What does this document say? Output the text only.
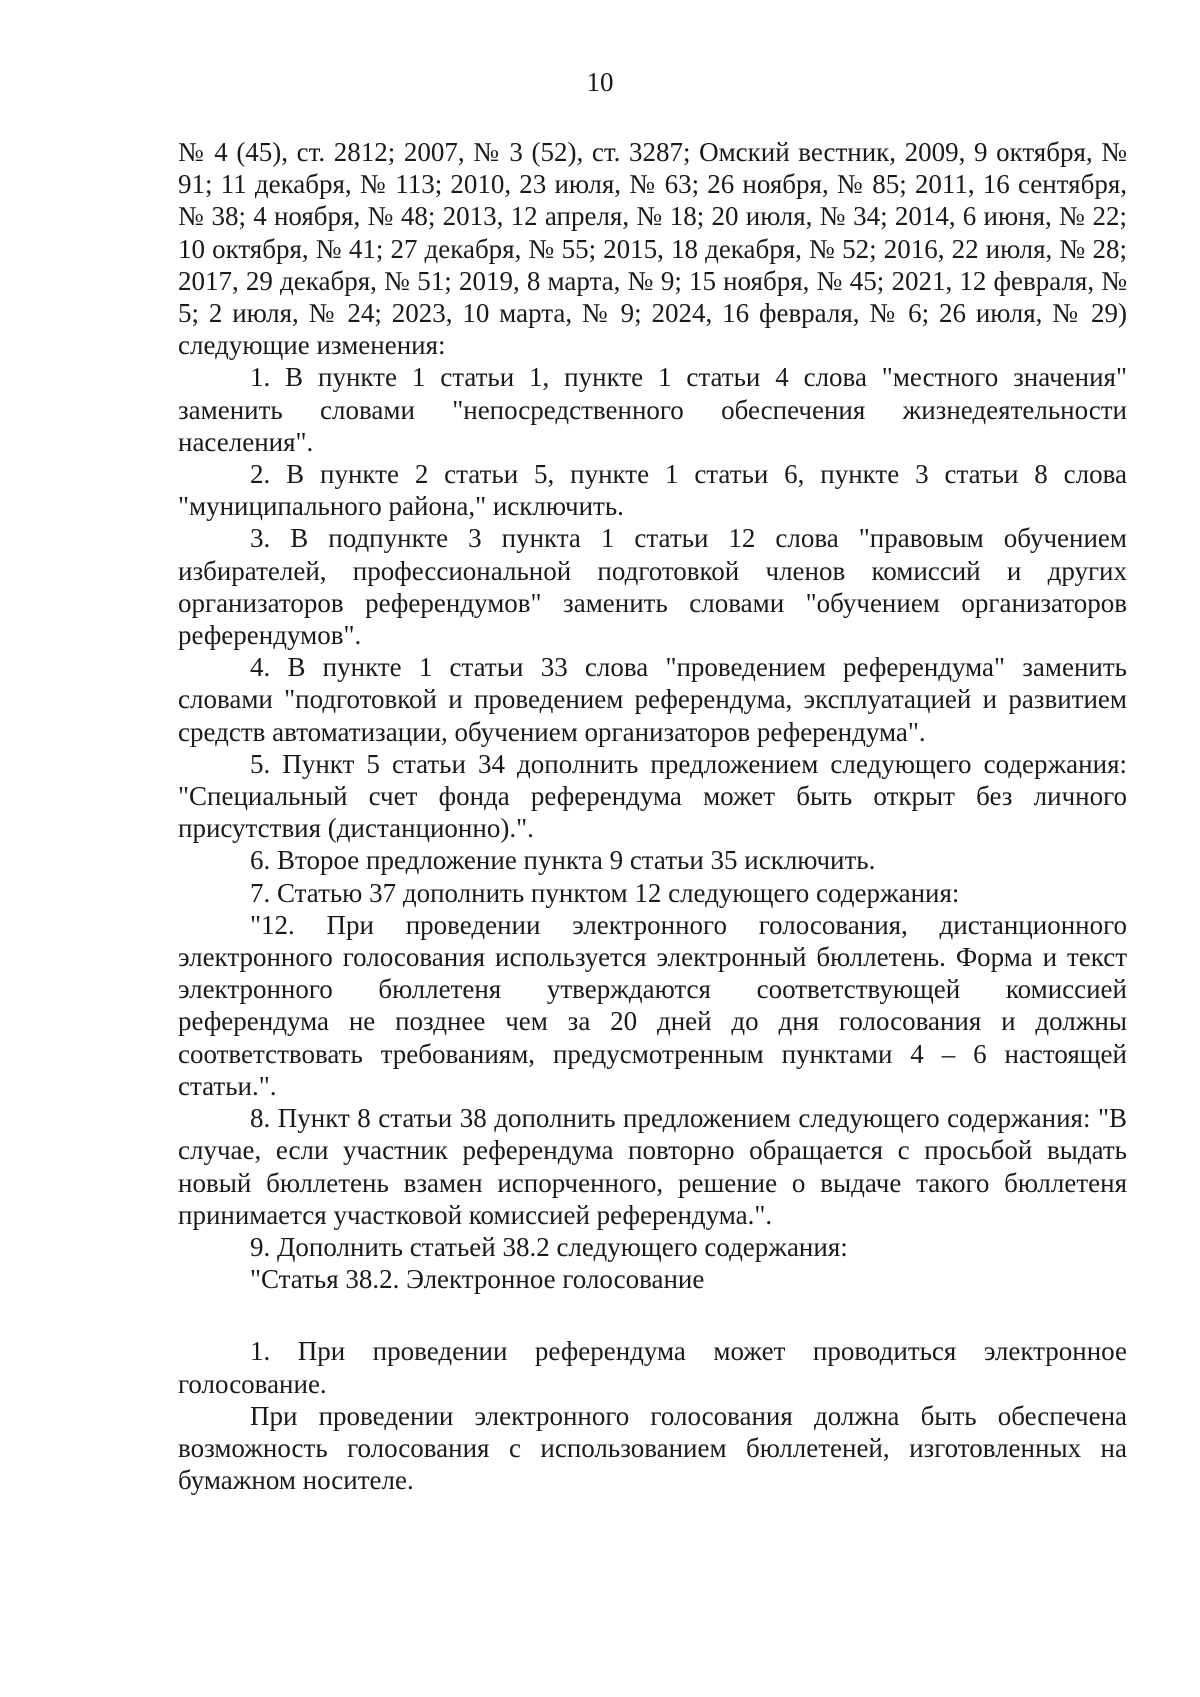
10

№ 4 (45), ст. 2812; 2007, № 3 (52), ст. 3287; Омский вестник, 2009, 9 октября, № 91; 11 декабря, № 113; 2010, 23 июля, № 63; 26 ноября, № 85; 2011, 16 сентября, № 38; 4 ноября, № 48; 2013, 12 апреля, № 18; 20 июля, № 34; 2014, 6 июня, № 22; 10 октября, № 41; 27 декабря, № 55; 2015, 18 декабря, № 52; 2016, 22 июля, № 28; 2017, 29 декабря, № 51; 2019, 8 марта, № 9; 15 ноября, № 45; 2021, 12 февраля, № 5; 2 июля, № 24; 2023, 10 марта, № 9; 2024, 16 февраля, № 6; 26 июля, № 29) следующие изменения:

1. В пункте 1 статьи 1, пункте 1 статьи 4 слова "местного значения" заменить словами "непосредственного обеспечения жизнедеятельности населения".

2. В пункте 2 статьи 5, пункте 1 статьи 6, пункте 3 статьи 8 слова "муниципального района," исключить.

3. В подпункте 3 пункта 1 статьи 12 слова "правовым обучением избирателей, профессиональной подготовкой членов комиссий и других организаторов референдумов" заменить словами "обучением организаторов референдумов".

4. В пункте 1 статьи 33 слова "проведением референдума" заменить словами "подготовкой и проведением референдума, эксплуатацией и развитием средств автоматизации, обучением организаторов референдума".

5. Пункт 5 статьи 34 дополнить предложением следующего содержания: "Специальный счет фонда референдума может быть открыт без личного присутствия (дистанционно).".

6. Второе предложение пункта 9 статьи 35 исключить.

7. Статью 37 дополнить пунктом 12 следующего содержания:

"12. При проведении электронного голосования, дистанционного электронного голосования используется электронный бюллетень. Форма и текст электронного бюллетеня утверждаются соответствующей комиссией референдума не позднее чем за 20 дней до дня голосования и должны соответствовать требованиям, предусмотренным пунктами 4 – 6 настоящей статьи.".

8. Пункт 8 статьи 38 дополнить предложением следующего содержания: "В случае, если участник референдума повторно обращается с просьбой выдать новый бюллетень взамен испорченного, решение о выдаче такого бюллетеня принимается участковой комиссией референдума.".

9. Дополнить статьей 38.2 следующего содержания:

"Статья 38.2. Электронное голосование

1. При проведении референдума может проводиться электронное голосование.

При проведении электронного голосования должна быть обеспечена возможность голосования с использованием бюллетеней, изготовленных на бумажном носителе.
